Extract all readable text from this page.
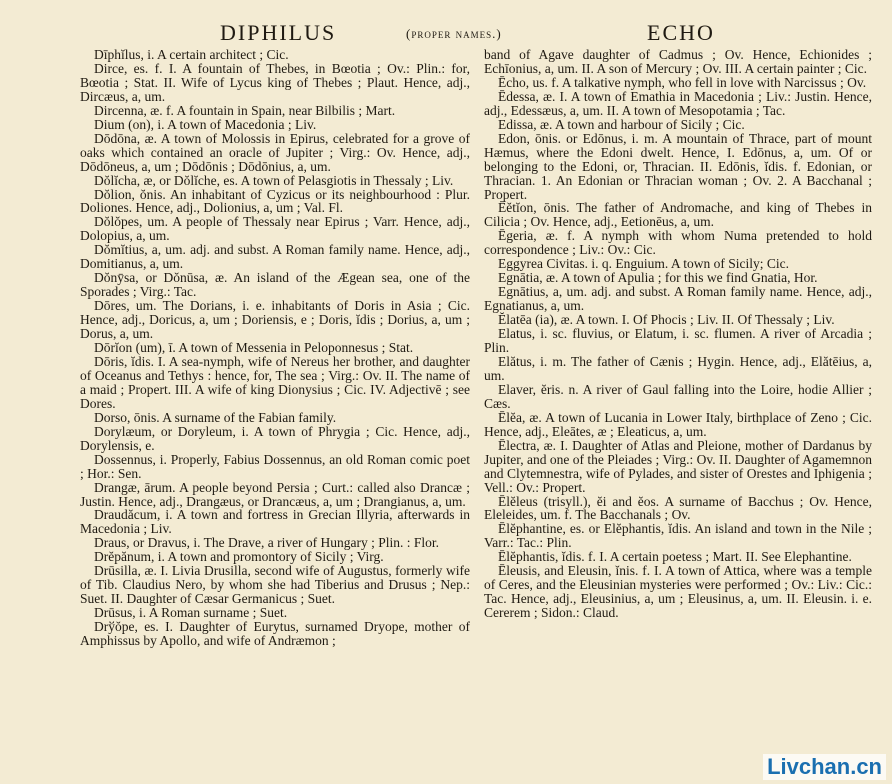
DIPHILUS	(proper names.)	ECHO

Dīphĭlus, i. A certain architect ; Cic.

Dirce, es. f. I. A fountain of Thebes, in Bœotia ; Ov.: Plin.: for, Bœotia ; Stat. II. Wife of Lycus king of Thebes ; Plaut. Hence, adj., Dircæus, a, um.

Dircenna, æ. f. A fountain in Spain, near Bilbilis ; Mart.

Dium (on), i. A town of Macedonia ; Liv.

Dōdōna, æ. A town of Molossis in Epirus, celebrated for a grove of oaks which contained an oracle of Jupiter ; Virg.: Ov. Hence, adj., Dōdōneus, a, um ; Dōdōnis ; Dōdōnius, a, um.

Dŏlĭcha, æ, or Dŏlĭche, es. A town of Pelasgiotis in Thessaly ; Liv.

Dŏlion, ŏnis. An inhabitant of Cyzicus or its neighbourhood : Plur. Doliones. Hence, adj., Dolionius, a, um ; Val. Fl.

Dŏlŏpes, um. A people of Thessaly near Epirus ; Varr. Hence, adj., Dolopius, a, um.

Dŏmĭtius, a, um. adj. and subst. A Roman family name. Hence, adj., Domitianus, a, um.

Dŏnȳsa, or Dŏnūsa, æ. An island of the Ægean sea, one of the Sporades ; Virg.: Tac.

Dōres, um. The Dorians, i. e. inhabitants of Doris in Asia ; Cic. Hence, adj., Doricus, a, um ; Doriensis, e ; Doris, ĭdis ; Dorius, a, um ; Dorus, a, um.

Dōrĭon (um), ī. A town of Messenia in Peloponnesus ; Stat.

Dōris, ĭdis. I. A sea-nymph, wife of Nereus her brother, and daughter of Oceanus and Tethys : hence, for, The sea ; Virg.: Ov. II. The name of a maid ; Propert. III. A wife of king Dionysius ; Cic. IV. Adjectivē ; see Dores.

Dorso, ōnis. A surname of the Fabian family.

Dorylæum, or Doryleum, i. A town of Phrygia ; Cic. Hence, adj., Dorylensis, e.

Dossennus, i. Properly, Fabius Dossennus, an old Roman comic poet ; Hor.: Sen.

Drangæ, ārum. A people beyond Persia ; Curt.: called also Drancæ ; Justin. Hence, adj., Drangæus, or Drancæus, a, um ; Drangianus, a, um.

Draudăcum, i. A town and fortress in Grecian Illyria, afterwards in Macedonia ; Liv.

Draus, or Dravus, i. The Drave, a river of Hungary ; Plin. : Flor.

Drĕpănum, i. A town and promontory of Sicily ; Virg.

Drūsilla, æ. I. Livia Drusilla, second wife of Augustus, formerly wife of Tib. Claudius Nero, by whom she had Tiberius and Drusus ; Nep.: Suet. II. Daughter of Cæsar Germanicus ; Suet.

Drūsus, i. A Roman surname ; Suet.

Drўŏpe, es. I. Daughter of Eurytus, surnamed Dryope, mother of Amphissus by Apollo, and wife of Andræmon ;

band of Agave daughter of Cadmus ; Ov. Hence, Echionides ; Echīonius, a, um. II. A son of Mercury ; Ov. III. A certain painter ; Cic.

Ēcho, us. f. A talkative nymph, who fell in love with Narcissus ; Ov.

Ēdessa, æ. I. A town of Emathia in Macedonia ; Liv.: Justin. Hence, adj., Edessæus, a, um. II. A town of Mesopotamia ; Tac.

Edissa, æ. A town and harbour of Sicily ; Cic.

Edon, ōnis. or Edōnus, i. m. A mountain of Thrace, part of mount Hæmus, where the Edoni dwelt. Hence, I. Edōnus, a, um. Of or belonging to the Edoni, or, Thracian. II. Edōnis, ĭdis. f. Edonian, or Thracian. 1. An Edonian or Thracian woman ; Ov. 2. A Bacchanal ; Propert.

Ēĕtĭon, ōnis. The father of Andromache, and king of Thebes in Cilicia ; Ov. Hence, adj., Eetionēus, a, um.

Ēgeria, æ. f. A nymph with whom Numa pretended to hold correspondence ; Liv.: Ov.: Cic.

Eggyrea Civitas. i. q. Enguium. A town of Sicily; Cic.

Egnātia, æ. A town of Apulia ; for this we find Gnatia, Hor.

Egnātius, a, um. adj. and subst. A Roman family name. Hence, adj., Egnatianus, a, um.

Ĕlatēa (ia), æ. A town. I. Of Phocis ; Liv. II. Of Thessaly ; Liv.

Elatus, i. sc. fluvius, or Elatum, i. sc. flumen. A river of Arcadia ; Plin.

Elătus, i. m. The father of Cænis ; Hygin. Hence, adj., Elătēius, a, um.

Elaver, ĕris. n. A river of Gaul falling into the Loire, hodie Allier ; Cæs.

Ēlĕa, æ. A town of Lucania in Lower Italy, birthplace of Zeno ; Cic. Hence, adj., Eleātes, æ ; Eleaticus, a, um.

Ēlectra, æ. I. Daughter of Atlas and Pleione, mother of Dardanus by Jupiter, and one of the Pleiades ; Virg.: Ov. II. Daughter of Agamemnon and Clytemnestra, wife of Pylades, and sister of Orestes and Iphigenia ; Vell.: Ov.: Propert.

Ēlĕleus (trisyll.), ĕi and ĕos. A surname of Bacchus ; Ov. Hence, Eleleides, um. f. The Bacchanals ; Ov.

Ēlĕphantine, es. or Elĕphantis, ĭdis. An island and town in the Nile ; Varr.: Tac.: Plin.

Ēlĕphantis, ĭdis. f. I. A certain poetess ; Mart. II. See Elephantine.

Ēleusis, and Eleusin, ĭnis. f. I. A town of Attica, where was a temple of Ceres, and the Eleusinian mysteries were performed ; Ov.: Liv.: Cic.: Tac. Hence, adj., Eleusinius, a, um ; Eleusinus, a, um. II. Eleusin. i. e. Cererem ; Sidon.: Claud.

Livchan.cn
